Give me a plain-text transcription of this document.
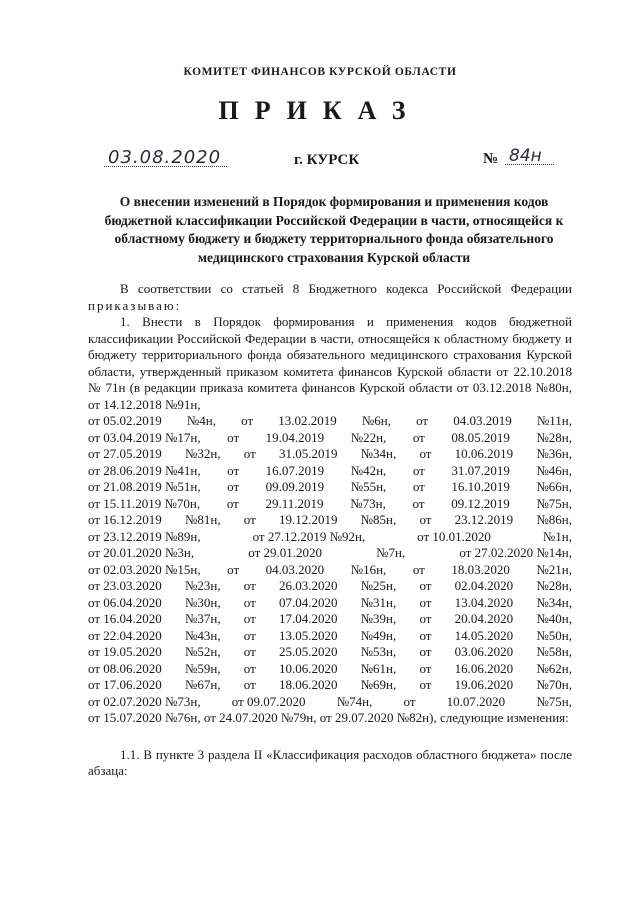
КОМИТЕТ ФИНАНСОВ КУРСКОЙ ОБЛАСТИ
ПРИКАЗ
03.08.2020	г. КУРСК	№ 84н
О внесении изменений в Порядок формирования и применения кодов бюджетной классификации Российской Федерации в части, относящейся к областному бюджету и бюджету территориального фонда обязательного медицинского страхования Курской области

В соответствии со статьей 8 Бюджетного кодекса Российской Федерации приказываю:

1. Внести в Порядок формирования и применения кодов бюджетной классификации Российской Федерации в части, относящейся к областному бюджету и бюджету территориального фонда обязательного медицинского страхования Курской области, утвержденный приказом комитета финансов Курской области от 22.10.2018 № 71н (в редакции приказа комитета финансов Курской области от 03.12.2018 №80н, от 14.12.2018 №91н,

от 05.02.2019 №4н, от 13.02.2019 №6н, от 04.03.2019 №11н,
от 03.04.2019 №17н, от 19.04.2019 №22н, от 08.05.2019 №28н,
от 27.05.2019 №32н, от 31.05.2019 №34н, от 10.06.2019 №36н,
от 28.06.2019 №41н, от 16.07.2019 №42н, от 31.07.2019 №46н,
от 21.08.2019 №51н, от 09.09.2019 №55н, от 16.10.2019 №66н,
от 15.11.2019 №70н, от 29.11.2019 №73н, от 09.12.2019 №75н,
от 16.12.2019 №81н, от 19.12.2019 №85н, от 23.12.2019 №86н,
от 23.12.2019 №89н,	от 27.12.2019 №92н,	от 10.01.2020	№1н,
от 20.01.2020 №3н,	от 29.01.2020	№7н,	от 27.02.2020 №14н,
от 02.03.2020 №15н, от 04.03.2020 №16н, от 18.03.2020 №21н,
от 23.03.2020 №23н, от 26.03.2020 №25н, от 02.04.2020 №28н,
от 06.04.2020 №30н, от 07.04.2020 №31н, от 13.04.2020 №34н,
от 16.04.2020 №37н, от 17.04.2020 №39н, от 20.04.2020 №40н,
от 22.04.2020 №43н, от 13.05.2020 №49н, от 14.05.2020 №50н,
от 19.05.2020 №52н, от 25.05.2020 №53н, от 03.06.2020 №58н,
от 08.06.2020 №59н, от 10.06.2020 №61н, от 16.06.2020 №62н,
от 17.06.2020 №67н, от 18.06.2020 №69н, от 19.06.2020 №70н,
от 02.07.2020 №73н, от 09.07.2020 №74н, от 10.07.2020 №75н,

от 15.07.2020 №76н, от 24.07.2020 №79н, от 29.07.2020 №82н), следующие изменения:

1.1. В пункте 3 раздела II «Классификация расходов областного бюджета» после абзаца:
